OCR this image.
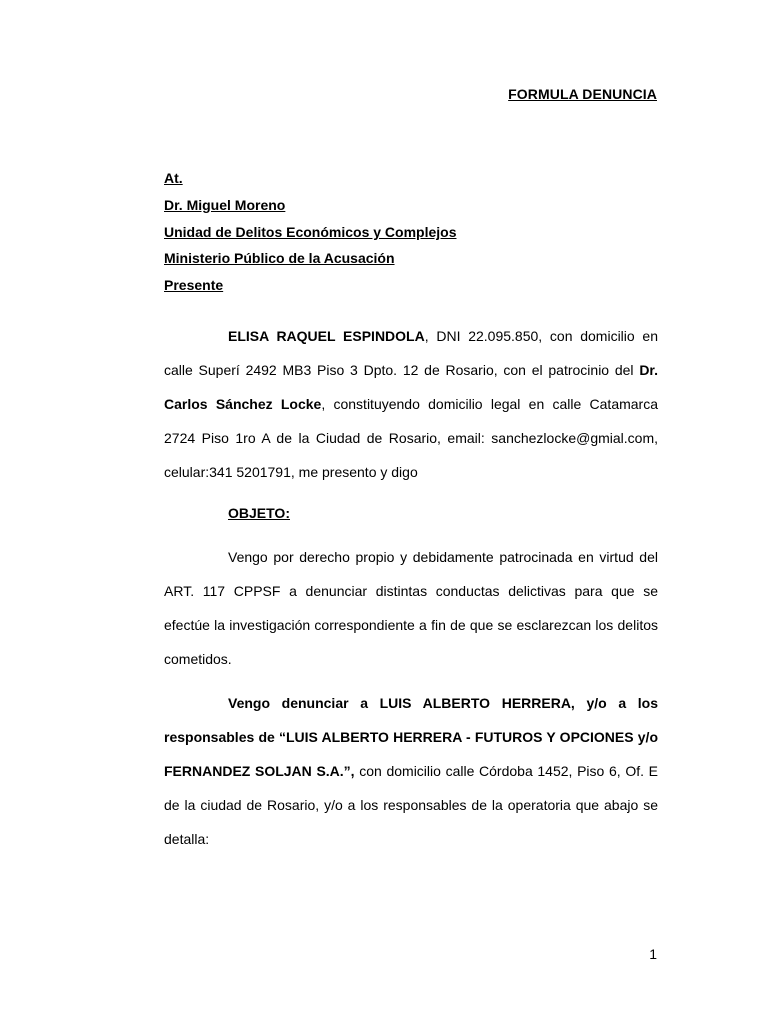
FORMULA DENUNCIA
At.
Dr. Miguel Moreno
Unidad de Delitos Económicos y Complejos
Ministerio Público de la Acusación
Presente

ELISA RAQUEL ESPINDOLA, DNI 22.095.850, con domicilio en calle Superí 2492 MB3 Piso 3 Dpto. 12 de Rosario, con el patrocinio del Dr. Carlos Sánchez Locke, constituyendo domicilio legal en calle Catamarca 2724 Piso 1ro A de la Ciudad de Rosario, email: sanchezlocke@gmial.com, celular:341 5201791, me presento y digo

OBJETO:

Vengo por derecho propio y debidamente patrocinada en virtud del ART. 117 CPPSF a denunciar distintas conductas delictivas para que se efectúe la investigación correspondiente a fin de que se esclarezcan los delitos cometidos.

Vengo denunciar a LUIS ALBERTO HERRERA, y/o a los responsables de “LUIS ALBERTO HERRERA - FUTUROS Y OPCIONES y/o FERNANDEZ SOLJAN S.A.”, con domicilio calle Córdoba 1452, Piso 6, Of. E de la ciudad de Rosario, y/o a los responsables de la operatoria que abajo se detalla:

1
